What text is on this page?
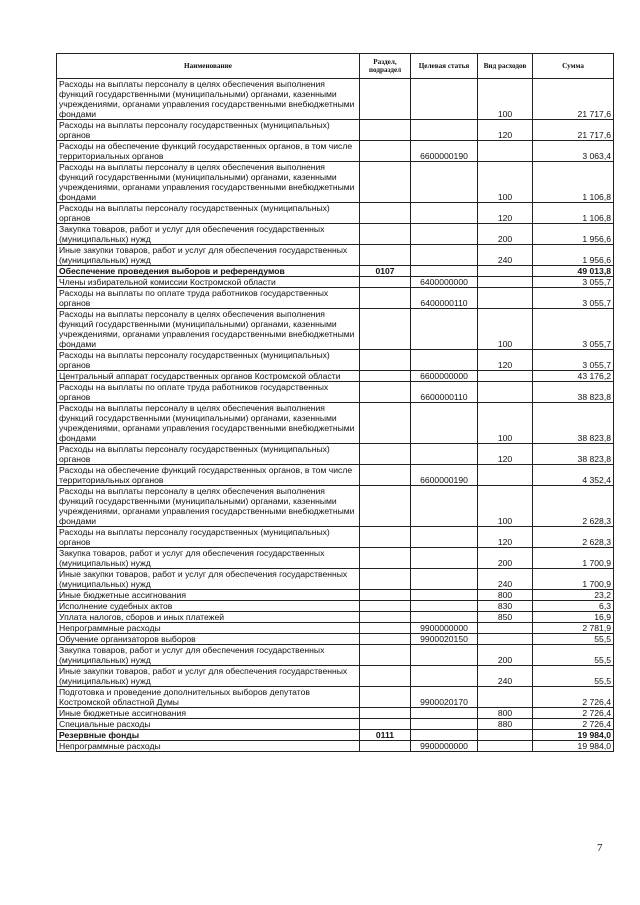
Наименование	Раздел, подраздел	Целевая статья	Вид расходов	Сумма
Расходы на выплаты персоналу в целях обеспечения выполнения функций государственными (муниципальными) органами, казенными учреждениями, органами управления государственными внебюджетными фондами			100	21 717,6
Расходы на выплаты персоналу государственных (муниципальных) органов			120	21 717,6
Расходы на обеспечение функций государственных органов, в том числе территориальных органов		6600000190		3 063,4
Расходы на выплаты персоналу в целях обеспечения выполнения функций государственными (муниципальными) органами, казенными учреждениями, органами управления государственными внебюджетными фондами			100	1 106,8
Расходы на выплаты персоналу государственных (муниципальных) органов			120	1 106,8
Закупка товаров, работ и услуг для обеспечения государственных (муниципальных) нужд			200	1 956,6
Иные закупки товаров, работ и услуг для обеспечения государственных (муниципальных) нужд			240	1 956,6
Обеспечение проведения выборов и референдумов	0107			49 013,8
Члены избирательной комиссии Костромской области		6400000000		3 055,7
Расходы на выплаты по оплате труда работников государственных органов		6400000110		3 055,7
Расходы на выплаты персоналу в целях обеспечения выполнения функций государственными (муниципальными) органами, казенными учреждениями, органами управления государственными внебюджетными фондами			100	3 055,7
Расходы на выплаты персоналу государственных (муниципальных) органов			120	3 055,7
Центральный аппарат государственных органов Костромской области		6600000000		43 176,2
Расходы на выплаты по оплате труда работников государственных органов		6600000110		38 823,8
Расходы на выплаты персоналу в целях обеспечения выполнения функций государственными (муниципальными) органами, казенными учреждениями, органами управления государственными внебюджетными фондами			100	38 823,8
Расходы на выплаты персоналу государственных (муниципальных) органов			120	38 823,8
Расходы на обеспечение функций государственных органов, в том числе территориальных органов		6600000190		4 352,4
Расходы на выплаты персоналу в целях обеспечения выполнения функций государственными (муниципальными) органами, казенными учреждениями, органами управления государственными внебюджетными фондами			100	2 628,3
Расходы на выплаты персоналу государственных (муниципальных) органов			120	2 628,3
Закупка товаров, работ и услуг для обеспечения государственных (муниципальных) нужд			200	1 700,9
Иные закупки товаров, работ и услуг для обеспечения государственных (муниципальных) нужд			240	1 700,9
Иные бюджетные ассигнования			800	23,2
Исполнение судебных актов			830	6,3
Уплата налогов, сборов и иных платежей			850	16,9
Непрограммные расходы		9900000000		2 781,9
Обучение организаторов выборов		9900020150		55,5
Закупка товаров, работ и услуг для обеспечения государственных (муниципальных) нужд			200	55,5
Иные закупки товаров, работ и услуг для обеспечения государственных (муниципальных) нужд			240	55,5
Подготовка и проведение дополнительных выборов депутатов Костромской областной Думы		9900020170		2 726,4
Иные бюджетные ассигнования			800	2 726,4
Специальные расходы			880	2 726,4
Резервные фонды	0111			19 984,0
Непрограммные расходы		9900000000		19 984,0
7
